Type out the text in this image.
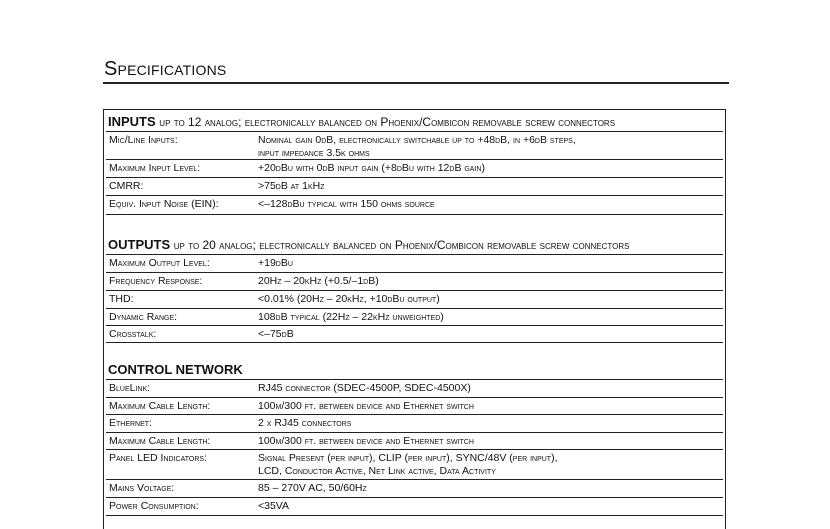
Specifications
INPUTS up to 12 analog; electronically balanced on Phoenix/Combicon removable screw connectors
Mic/Line Inputs:	Nominal gain 0dB, electronically switchable up to +48dB, in +6dB steps,
input impedance 3.5k ohms
Maximum Input Level:	+20dBu with 0dB input gain (+8dBu with 12dB gain)
CMRR:	>75dB at 1kHz
Equiv. Input Noise (EIN):	<–128dBu typical with 150 ohms source
OUTPUTS up to 20 analog; electronically balanced on Phoenix/Combicon removable screw connectors
Maximum Output Level:	+19dBu
Frequency Response:	20Hz – 20kHz (+0.5/–1dB)
THD:	<0.01% (20Hz – 20kHz, +10dBu output)
Dynamic Range:	108dB typical (22Hz – 22kHz unweighted)
Crosstalk:	<–75dB
CONTROL NETWORK
BlueLink:	RJ45 connector (SDEC-4500P, SDEC-4500X)
Maximum Cable Length:	100m/300 ft. between device and Ethernet switch
Ethernet:	2 x RJ45 connectors
Maximum Cable Length:	100m/300 ft. between device and Ethernet switch
Panel LED Indicators:	Signal Present (per input), CLIP (per input), SYNC/48V (per input),
LCD, Conductor Active, Net Link active, Data Activity
Mains Voltage:	85 – 270V AC, 50/60Hz
Power Consumption:	<35VA
